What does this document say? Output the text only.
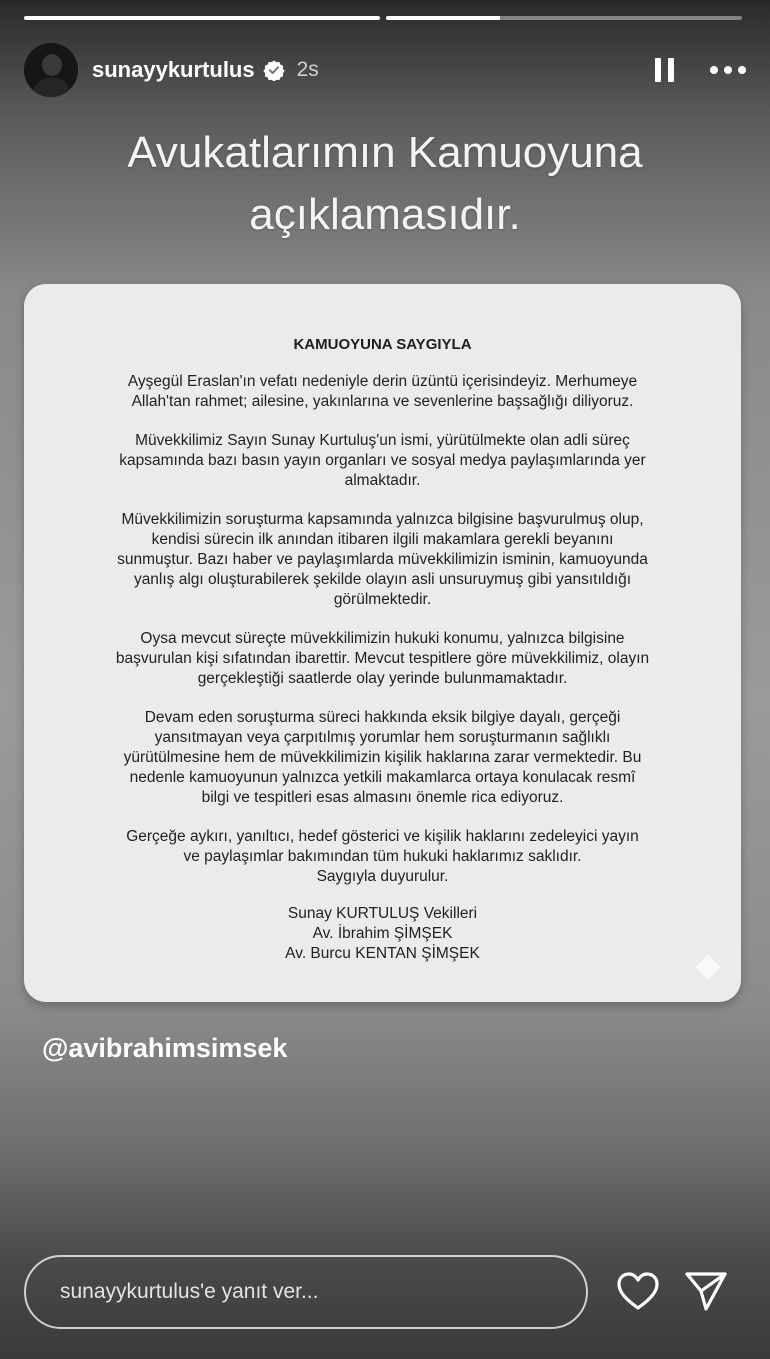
sunayykurtulus 2s
Avukatlarımın Kamuoyuna
açıklamasıdır.
KAMUOYUNA SAYGIYLA

Ayşegül Eraslan'ın vefatı nedeniyle derin üzüntü içerisindeyiz. Merhumeye
Allah'tan rahmet; ailesine, yakınlarına ve sevenlerine başsağlığı diliyoruz.

Müvekkilimiz Sayın Sunay Kurtuluş'un ismi, yürütülmekte olan adli süreç
kapsamında bazı basın yayın organları ve sosyal medya paylaşımlarında yer
almaktadır.

Müvekkilimizin soruşturma kapsamında yalnızca bilgisine başvurulmuş olup,
kendisi sürecin ilk anından itibaren ilgili makamlara gerekli beyanını
sunmuştur. Bazı haber ve paylaşımlarda müvekkilimizin isminin, kamuoyunda
yanlış algı oluşturabilerek şekilde olayın asli unsuruymuş gibi yansıtıldığı
görülmektedir.

Oysa mevcut süreçte müvekkilimizin hukuki konumu, yalnızca bilgisine
başvurulan kişi sıfatından ibarettir. Mevcut tespitlere göre müvekkilimiz, olayın
gerçekleştiği saatlerde olay yerinde bulunmamaktadır.

Devam eden soruşturma süreci hakkında eksik bilgiye dayalı, gerçeği
yansıtmayan veya çarpıtılmış yorumlar hem soruşturmanın sağlıklı
yürütülmesine hem de müvekkilimizin kişilik haklarına zarar vermektedir. Bu
nedenle kamuoyunun yalnızca yetkili makamlarca ortaya konulacak resmî
bilgi ve tespitleri esas almasını önemle rica ediyoruz.

Gerçeğe aykırı, yanıltıcı, hedef gösterici ve kişilik haklarını zedeleyici yayın
ve paylaşımlar bakımından tüm hukuki haklarımız saklıdır.
Saygıyla duyurulur.

Sunay KURTULUŞ Vekilleri
Av. İbrahim ŞİMŞEK
Av. Burcu KENTAN ŞİMŞEK
@avibrahimsimsek
sunayykurtulus'e yanıt ver...
